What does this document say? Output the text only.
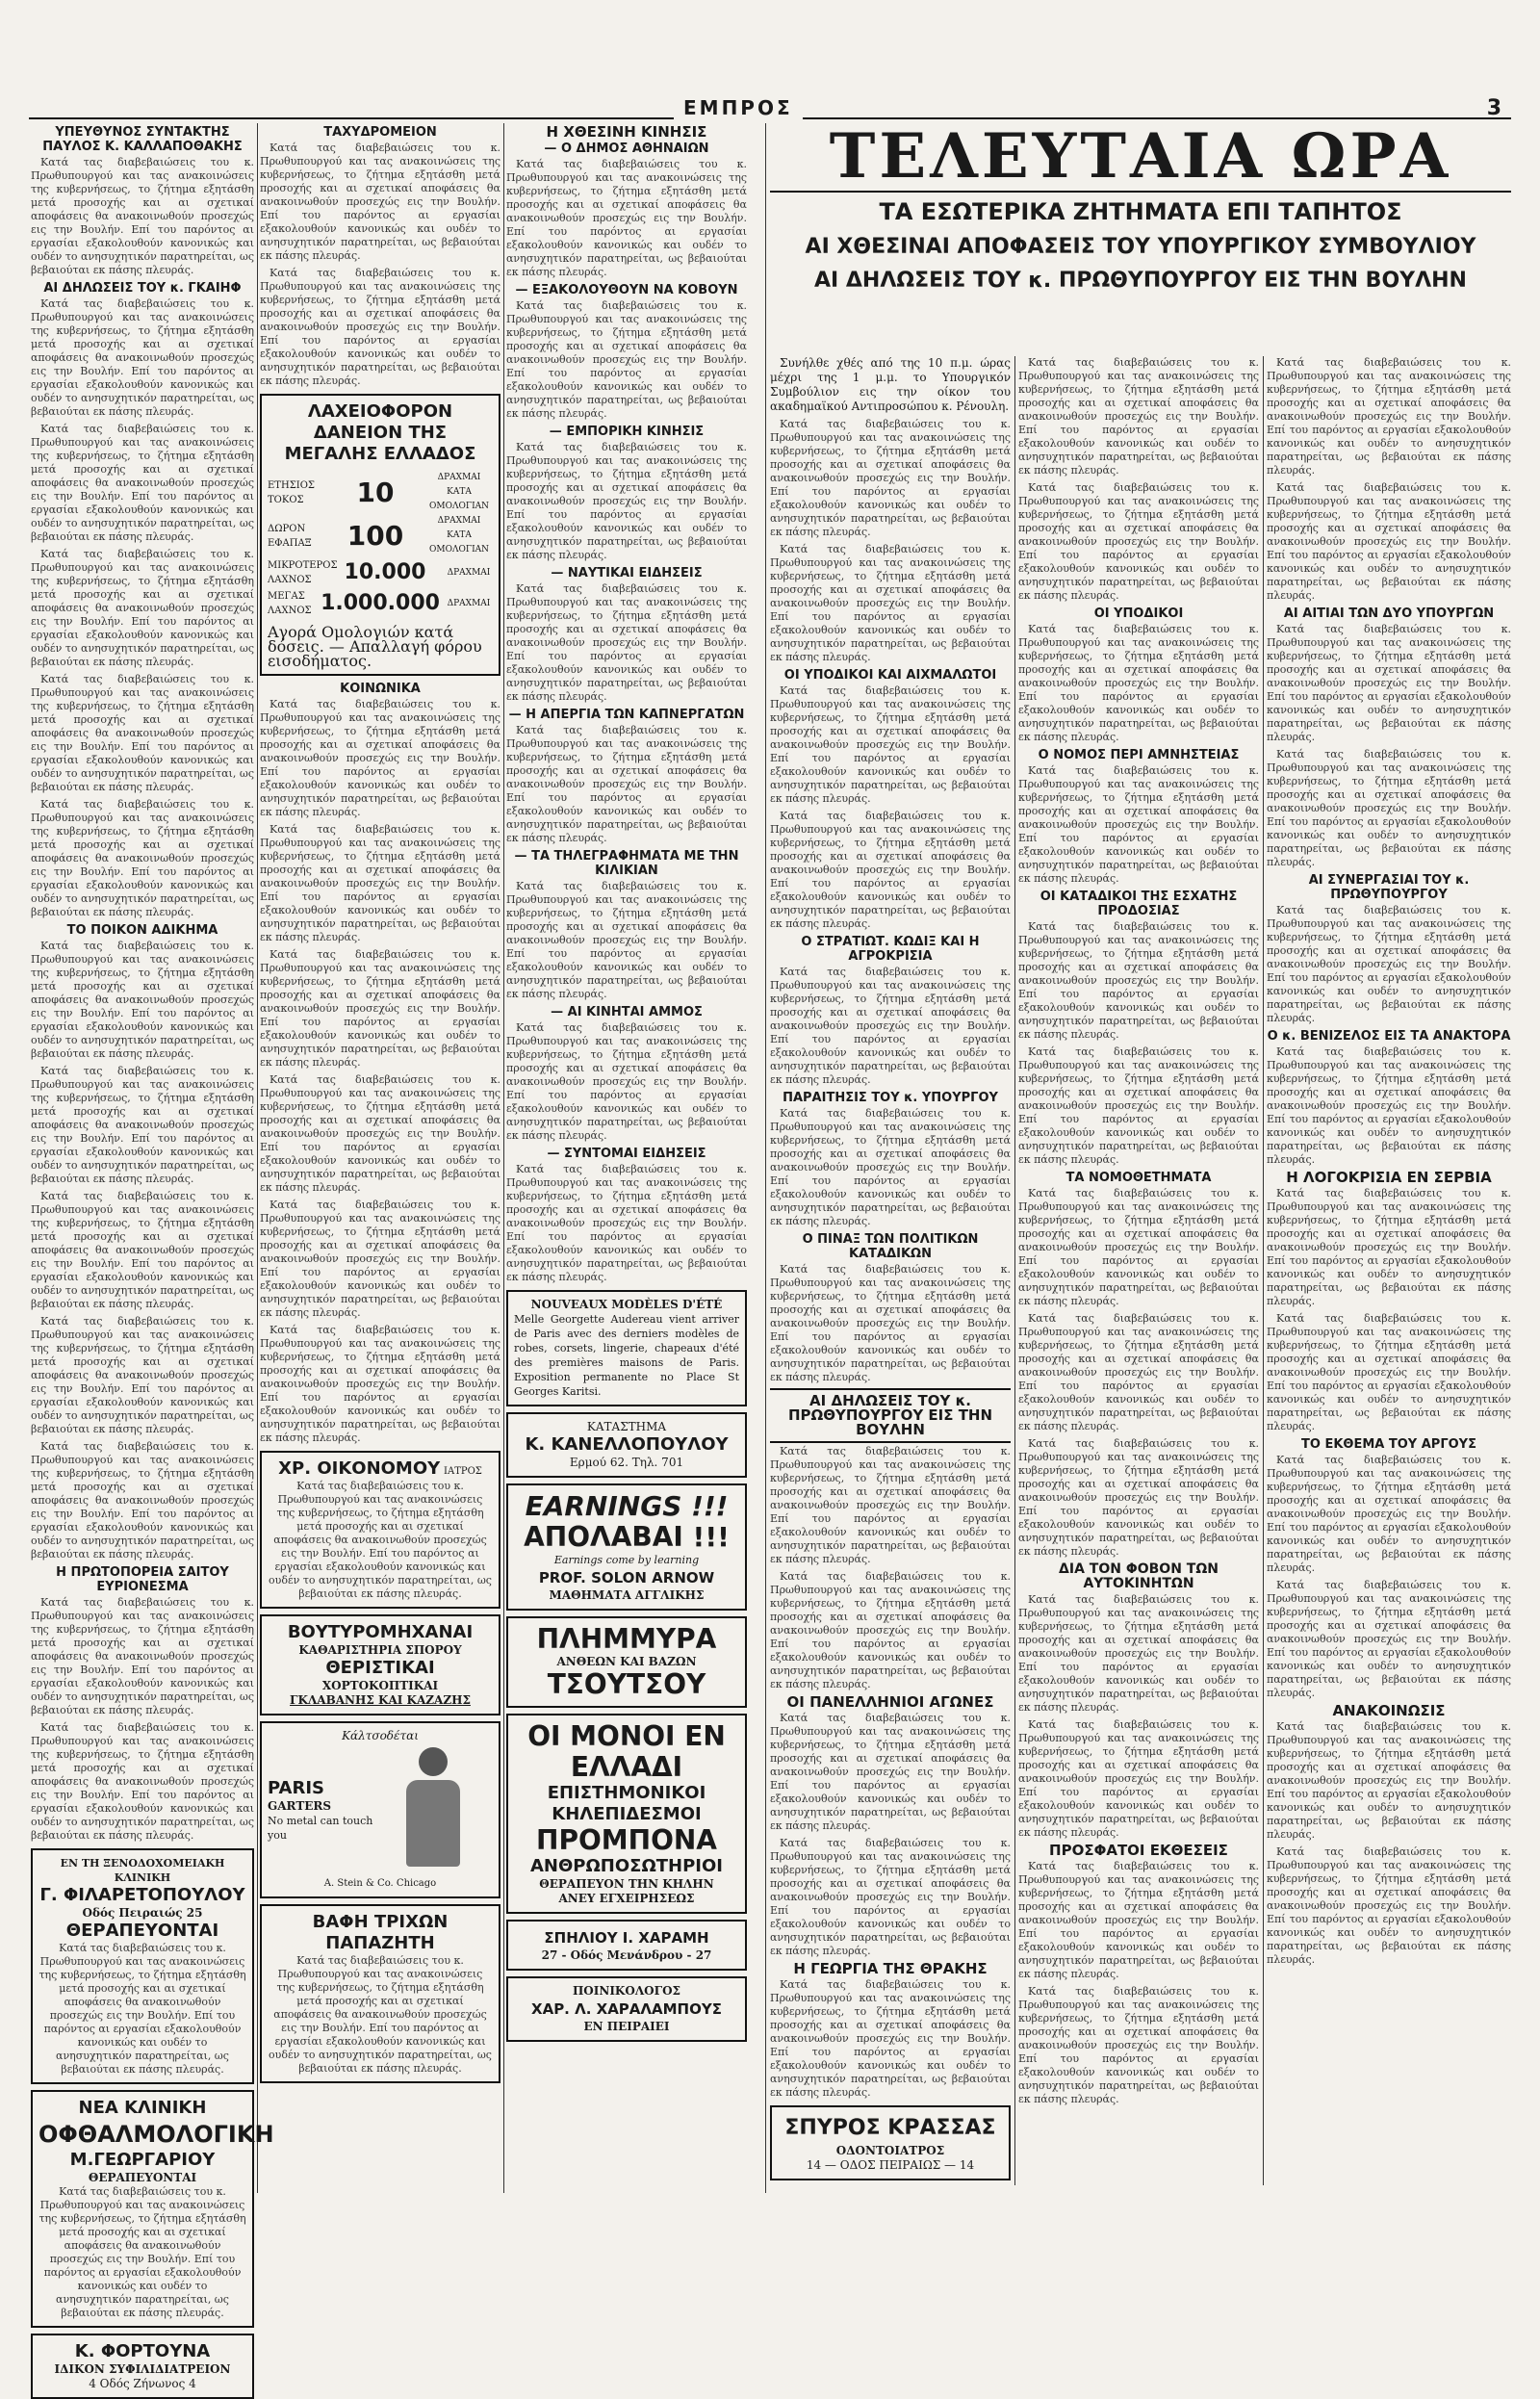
ΕΜΠΡΟΣ	3
ΥΠΕΥΘΥΝΟΣ ΣΥΝΤΑΚΤΗΣ ΠΑΥΛΟΣ Κ. ΚΑΛΛΑΠΟΘΑΚΗΣ

Κατά τας διαβεβαιώσεις του κ. Πρωθυπουργού και τας ανακοινώσεις της κυβερνήσεως, το ζήτημα εξητάσθη μετά προσοχής και αι σχετικαί αποφάσεις θα ανακοινωθούν προσεχώς εις την Βουλήν. Επί του παρόντος αι εργασίαι εξακολουθούν κανονικώς και ουδέν το ανησυχητικόν παρατηρείται, ως βεβαιούται εκ πάσης πλευράς.

ΑΙ ΔΗΛΩΣΕΙΣ ΤΟΥ κ. ΓΚΑΙΗΦ

Κατά τας διαβεβαιώσεις του κ. Πρωθυπουργού και τας ανακοινώσεις της κυβερνήσεως, το ζήτημα εξητάσθη μετά προσοχής και αι σχετικαί αποφάσεις θα ανακοινωθούν προσεχώς εις την Βουλήν. Επί του παρόντος αι εργασίαι εξακολουθούν κανονικώς και ουδέν το ανησυχητικόν παρατηρείται, ως βεβαιούται εκ πάσης πλευράς.

Κατά τας διαβεβαιώσεις του κ. Πρωθυπουργού και τας ανακοινώσεις της κυβερνήσεως, το ζήτημα εξητάσθη μετά προσοχής και αι σχετικαί αποφάσεις θα ανακοινωθούν προσεχώς εις την Βουλήν. Επί του παρόντος αι εργασίαι εξακολουθούν κανονικώς και ουδέν το ανησυχητικόν παρατηρείται, ως βεβαιούται εκ πάσης πλευράς.

Κατά τας διαβεβαιώσεις του κ. Πρωθυπουργού και τας ανακοινώσεις της κυβερνήσεως, το ζήτημα εξητάσθη μετά προσοχής και αι σχετικαί αποφάσεις θα ανακοινωθούν προσεχώς εις την Βουλήν. Επί του παρόντος αι εργασίαι εξακολουθούν κανονικώς και ουδέν το ανησυχητικόν παρατηρείται, ως βεβαιούται εκ πάσης πλευράς.

Κατά τας διαβεβαιώσεις του κ. Πρωθυπουργού και τας ανακοινώσεις της κυβερνήσεως, το ζήτημα εξητάσθη μετά προσοχής και αι σχετικαί αποφάσεις θα ανακοινωθούν προσεχώς εις την Βουλήν. Επί του παρόντος αι εργασίαι εξακολουθούν κανονικώς και ουδέν το ανησυχητικόν παρατηρείται, ως βεβαιούται εκ πάσης πλευράς.

Κατά τας διαβεβαιώσεις του κ. Πρωθυπουργού και τας ανακοινώσεις της κυβερνήσεως, το ζήτημα εξητάσθη μετά προσοχής και αι σχετικαί αποφάσεις θα ανακοινωθούν προσεχώς εις την Βουλήν. Επί του παρόντος αι εργασίαι εξακολουθούν κανονικώς και ουδέν το ανησυχητικόν παρατηρείται, ως βεβαιούται εκ πάσης πλευράς.

ΤΟ ΠΟΙΚΟΝ ΑΔΙΚΗΜΑ

Κατά τας διαβεβαιώσεις του κ. Πρωθυπουργού και τας ανακοινώσεις της κυβερνήσεως, το ζήτημα εξητάσθη μετά προσοχής και αι σχετικαί αποφάσεις θα ανακοινωθούν προσεχώς εις την Βουλήν. Επί του παρόντος αι εργασίαι εξακολουθούν κανονικώς και ουδέν το ανησυχητικόν παρατηρείται, ως βεβαιούται εκ πάσης πλευράς.

Κατά τας διαβεβαιώσεις του κ. Πρωθυπουργού και τας ανακοινώσεις της κυβερνήσεως, το ζήτημα εξητάσθη μετά προσοχής και αι σχετικαί αποφάσεις θα ανακοινωθούν προσεχώς εις την Βουλήν. Επί του παρόντος αι εργασίαι εξακολουθούν κανονικώς και ουδέν το ανησυχητικόν παρατηρείται, ως βεβαιούται εκ πάσης πλευράς.

Κατά τας διαβεβαιώσεις του κ. Πρωθυπουργού και τας ανακοινώσεις της κυβερνήσεως, το ζήτημα εξητάσθη μετά προσοχής και αι σχετικαί αποφάσεις θα ανακοινωθούν προσεχώς εις την Βουλήν. Επί του παρόντος αι εργασίαι εξακολουθούν κανονικώς και ουδέν το ανησυχητικόν παρατηρείται, ως βεβαιούται εκ πάσης πλευράς.

Κατά τας διαβεβαιώσεις του κ. Πρωθυπουργού και τας ανακοινώσεις της κυβερνήσεως, το ζήτημα εξητάσθη μετά προσοχής και αι σχετικαί αποφάσεις θα ανακοινωθούν προσεχώς εις την Βουλήν. Επί του παρόντος αι εργασίαι εξακολουθούν κανονικώς και ουδέν το ανησυχητικόν παρατηρείται, ως βεβαιούται εκ πάσης πλευράς.

Κατά τας διαβεβαιώσεις του κ. Πρωθυπουργού και τας ανακοινώσεις της κυβερνήσεως, το ζήτημα εξητάσθη μετά προσοχής και αι σχετικαί αποφάσεις θα ανακοινωθούν προσεχώς εις την Βουλήν. Επί του παρόντος αι εργασίαι εξακολουθούν κανονικώς και ουδέν το ανησυχητικόν παρατηρείται, ως βεβαιούται εκ πάσης πλευράς.

Η ΠΡΩΤΟΠΟΡΕΙΑ ΣΑΙΤΟΥ ΕΥΡΙΟΝΕΣΜΑ

Κατά τας διαβεβαιώσεις του κ. Πρωθυπουργού και τας ανακοινώσεις της κυβερνήσεως, το ζήτημα εξητάσθη μετά προσοχής και αι σχετικαί αποφάσεις θα ανακοινωθούν προσεχώς εις την Βουλήν. Επί του παρόντος αι εργασίαι εξακολουθούν κανονικώς και ουδέν το ανησυχητικόν παρατηρείται, ως βεβαιούται εκ πάσης πλευράς.

Κατά τας διαβεβαιώσεις του κ. Πρωθυπουργού και τας ανακοινώσεις της κυβερνήσεως, το ζήτημα εξητάσθη μετά προσοχής και αι σχετικαί αποφάσεις θα ανακοινωθούν προσεχώς εις την Βουλήν. Επί του παρόντος αι εργασίαι εξακολουθούν κανονικώς και ουδέν το ανησυχητικόν παρατηρείται, ως βεβαιούται εκ πάσης πλευράς.

ΕΝ ΤΗ ΞΕΝΟΔΟΧΟΜΕΙΑΚΗ ΚΛΙΝΙΚΗ
Γ. ΦΙΛΑΡΕΤΟΠΟΥΛΟΥ
Οδός Πειραιώς 25
ΘΕΡΑΠΕΥΟΝΤΑΙ
Κατά τας διαβεβαιώσεις του κ. Πρωθυπουργού και τας ανακοινώσεις της κυβερνήσεως, το ζήτημα εξητάσθη μετά προσοχής και αι σχετικαί αποφάσεις θα ανακοινωθούν προσεχώς εις την Βουλήν. Επί του παρόντος αι εργασίαι εξακολουθούν κανονικώς και ουδέν το ανησυχητικόν παρατηρείται, ως βεβαιούται εκ πάσης πλευράς.
ΝΕΑ ΚΛΙΝΙΚΗ
ΟΦΘΑΛΜΟΛΟΓΙΚΗ
Μ.ΓΕΩΡΓΑΡΙΟΥ
ΘΕΡΑΠΕΥΟΝΤΑΙ
Κατά τας διαβεβαιώσεις του κ. Πρωθυπουργού και τας ανακοινώσεις της κυβερνήσεως, το ζήτημα εξητάσθη μετά προσοχής και αι σχετικαί αποφάσεις θα ανακοινωθούν προσεχώς εις την Βουλήν. Επί του παρόντος αι εργασίαι εξακολουθούν κανονικώς και ουδέν το ανησυχητικόν παρατηρείται, ως βεβαιούται εκ πάσης πλευράς.
Κ. ΦΟΡΤΟΥΝΑ
ΙΔΙΚΟΝ ΣΥΦΙΛΙΔΙΑΤΡΕΙΟΝ
4 Οδός Ζήνωνος 4
ΤΑΧΥΔΡΟΜΕΙΟΝ

Κατά τας διαβεβαιώσεις του κ. Πρωθυπουργού και τας ανακοινώσεις της κυβερνήσεως, το ζήτημα εξητάσθη μετά προσοχής και αι σχετικαί αποφάσεις θα ανακοινωθούν προσεχώς εις την Βουλήν. Επί του παρόντος αι εργασίαι εξακολουθούν κανονικώς και ουδέν το ανησυχητικόν παρατηρείται, ως βεβαιούται εκ πάσης πλευράς.

Κατά τας διαβεβαιώσεις του κ. Πρωθυπουργού και τας ανακοινώσεις της κυβερνήσεως, το ζήτημα εξητάσθη μετά προσοχής και αι σχετικαί αποφάσεις θα ανακοινωθούν προσεχώς εις την Βουλήν. Επί του παρόντος αι εργασίαι εξακολουθούν κανονικώς και ουδέν το ανησυχητικόν παρατηρείται, ως βεβαιούται εκ πάσης πλευράς.

ΛΑΧΕΙΟΦΟΡΟΝ ΔΑΝΕΙΟΝ ΤΗΣ ΜΕΓΑΛΗΣ ΕΛΛΑΔΟΣ
ΕΤΗΣΙΟΣ ΤΟΚΟΣ	10	ΔΡΑΧΜΑΙ ΚΑΤΑ ΟΜΟΛΟΓΙΑΝ
ΔΩΡΟΝ ΕΦΑΠΑΞ	100	ΔΡΑΧΜΑΙ ΚΑΤΑ ΟΜΟΛΟΓΙΑΝ
ΜΙΚΡΟΤΕΡΟΣ ΛΑΧΝΟΣ	10.000 ΔΡΑΧΜΑΙ
ΜΕΓΑΣ ΛΑΧΝΟΣ 1.000.000 ΔΡΑΧΜΑΙ
Αγορά Ομολογιών κατά δόσεις. — Απαλλαγή φόρου εισοδήματος.
ΚΟΙΝΩΝΙΚΑ

Κατά τας διαβεβαιώσεις του κ. Πρωθυπουργού και τας ανακοινώσεις της κυβερνήσεως, το ζήτημα εξητάσθη μετά προσοχής και αι σχετικαί αποφάσεις θα ανακοινωθούν προσεχώς εις την Βουλήν. Επί του παρόντος αι εργασίαι εξακολουθούν κανονικώς και ουδέν το ανησυχητικόν παρατηρείται, ως βεβαιούται εκ πάσης πλευράς.

Κατά τας διαβεβαιώσεις του κ. Πρωθυπουργού και τας ανακοινώσεις της κυβερνήσεως, το ζήτημα εξητάσθη μετά προσοχής και αι σχετικαί αποφάσεις θα ανακοινωθούν προσεχώς εις την Βουλήν. Επί του παρόντος αι εργασίαι εξακολουθούν κανονικώς και ουδέν το ανησυχητικόν παρατηρείται, ως βεβαιούται εκ πάσης πλευράς.

Κατά τας διαβεβαιώσεις του κ. Πρωθυπουργού και τας ανακοινώσεις της κυβερνήσεως, το ζήτημα εξητάσθη μετά προσοχής και αι σχετικαί αποφάσεις θα ανακοινωθούν προσεχώς εις την Βουλήν. Επί του παρόντος αι εργασίαι εξακολουθούν κανονικώς και ουδέν το ανησυχητικόν παρατηρείται, ως βεβαιούται εκ πάσης πλευράς.

Κατά τας διαβεβαιώσεις του κ. Πρωθυπουργού και τας ανακοινώσεις της κυβερνήσεως, το ζήτημα εξητάσθη μετά προσοχής και αι σχετικαί αποφάσεις θα ανακοινωθούν προσεχώς εις την Βουλήν. Επί του παρόντος αι εργασίαι εξακολουθούν κανονικώς και ουδέν το ανησυχητικόν παρατηρείται, ως βεβαιούται εκ πάσης πλευράς.

Κατά τας διαβεβαιώσεις του κ. Πρωθυπουργού και τας ανακοινώσεις της κυβερνήσεως, το ζήτημα εξητάσθη μετά προσοχής και αι σχετικαί αποφάσεις θα ανακοινωθούν προσεχώς εις την Βουλήν. Επί του παρόντος αι εργασίαι εξακολουθούν κανονικώς και ουδέν το ανησυχητικόν παρατηρείται, ως βεβαιούται εκ πάσης πλευράς.

Κατά τας διαβεβαιώσεις του κ. Πρωθυπουργού και τας ανακοινώσεις της κυβερνήσεως, το ζήτημα εξητάσθη μετά προσοχής και αι σχετικαί αποφάσεις θα ανακοινωθούν προσεχώς εις την Βουλήν. Επί του παρόντος αι εργασίαι εξακολουθούν κανονικώς και ουδέν το ανησυχητικόν παρατηρείται, ως βεβαιούται εκ πάσης πλευράς.

ΧΡ. ΟΙΚΟΝΟΜΟΥ ΙΑΤΡΟΣ
Κατά τας διαβεβαιώσεις του κ. Πρωθυπουργού και τας ανακοινώσεις της κυβερνήσεως, το ζήτημα εξητάσθη μετά προσοχής και αι σχετικαί αποφάσεις θα ανακοινωθούν προσεχώς εις την Βουλήν. Επί του παρόντος αι εργασίαι εξακολουθούν κανονικώς και ουδέν το ανησυχητικόν παρατηρείται, ως βεβαιούται εκ πάσης πλευράς.
ΒΟΥΤΥΡΟΜΗΧΑΝΑΙ
ΚΑΘΑΡΙΣΤΗΡΙΑ ΣΠΟΡΟΥ
ΘΕΡΙΣΤΙΚΑΙ
ΧΟΡΤΟΚΟΠΤΙΚΑΙ
ΓΚΛΑΒΑΝΗΣ ΚΑΙ ΚΑΖΑΖΗΣ
Κάλτσοδέται
PARIS
GARTERS
No metal can touch you
A. Stein & Co. Chicago
ΒΑΦΗ ΤΡΙΧΩΝ
ΠΑΠΑΖΗΤΗ
Κατά τας διαβεβαιώσεις του κ. Πρωθυπουργού και τας ανακοινώσεις της κυβερνήσεως, το ζήτημα εξητάσθη μετά προσοχής και αι σχετικαί αποφάσεις θα ανακοινωθούν προσεχώς εις την Βουλήν. Επί του παρόντος αι εργασίαι εξακολουθούν κανονικώς και ουδέν το ανησυχητικόν παρατηρείται, ως βεβαιούται εκ πάσης πλευράς.
Η ΧΘΕΣΙΝΗ ΚΙΝΗΣΙΣ
— Ο ΔΗΜΟΣ ΑΘΗΝΑΙΩΝ

Κατά τας διαβεβαιώσεις του κ. Πρωθυπουργού και τας ανακοινώσεις της κυβερνήσεως, το ζήτημα εξητάσθη μετά προσοχής και αι σχετικαί αποφάσεις θα ανακοινωθούν προσεχώς εις την Βουλήν. Επί του παρόντος αι εργασίαι εξακολουθούν κανονικώς και ουδέν το ανησυχητικόν παρατηρείται, ως βεβαιούται εκ πάσης πλευράς.

— ΕΞΑΚΟΛΟΥΘΟΥΝ ΝΑ ΚΟΒΟΥΝ

Κατά τας διαβεβαιώσεις του κ. Πρωθυπουργού και τας ανακοινώσεις της κυβερνήσεως, το ζήτημα εξητάσθη μετά προσοχής και αι σχετικαί αποφάσεις θα ανακοινωθούν προσεχώς εις την Βουλήν. Επί του παρόντος αι εργασίαι εξακολουθούν κανονικώς και ουδέν το ανησυχητικόν παρατηρείται, ως βεβαιούται εκ πάσης πλευράς.

— ΕΜΠΟΡΙΚΗ ΚΙΝΗΣΙΣ

Κατά τας διαβεβαιώσεις του κ. Πρωθυπουργού και τας ανακοινώσεις της κυβερνήσεως, το ζήτημα εξητάσθη μετά προσοχής και αι σχετικαί αποφάσεις θα ανακοινωθούν προσεχώς εις την Βουλήν. Επί του παρόντος αι εργασίαι εξακολουθούν κανονικώς και ουδέν το ανησυχητικόν παρατηρείται, ως βεβαιούται εκ πάσης πλευράς.

— ΝΑΥΤΙΚΑΙ ΕΙΔΗΣΕΙΣ

Κατά τας διαβεβαιώσεις του κ. Πρωθυπουργού και τας ανακοινώσεις της κυβερνήσεως, το ζήτημα εξητάσθη μετά προσοχής και αι σχετικαί αποφάσεις θα ανακοινωθούν προσεχώς εις την Βουλήν. Επί του παρόντος αι εργασίαι εξακολουθούν κανονικώς και ουδέν το ανησυχητικόν παρατηρείται, ως βεβαιούται εκ πάσης πλευράς.

— Η ΑΠΕΡΓΙΑ ΤΩΝ ΚΑΠΝΕΡΓΑΤΩΝ

Κατά τας διαβεβαιώσεις του κ. Πρωθυπουργού και τας ανακοινώσεις της κυβερνήσεως, το ζήτημα εξητάσθη μετά προσοχής και αι σχετικαί αποφάσεις θα ανακοινωθούν προσεχώς εις την Βουλήν. Επί του παρόντος αι εργασίαι εξακολουθούν κανονικώς και ουδέν το ανησυχητικόν παρατηρείται, ως βεβαιούται εκ πάσης πλευράς.

— ΤΑ ΤΗΛΕΓΡΑΦΗΜΑΤΑ ΜΕ ΤΗΝ ΚΙΛΙΚΙΑΝ

Κατά τας διαβεβαιώσεις του κ. Πρωθυπουργού και τας ανακοινώσεις της κυβερνήσεως, το ζήτημα εξητάσθη μετά προσοχής και αι σχετικαί αποφάσεις θα ανακοινωθούν προσεχώς εις την Βουλήν. Επί του παρόντος αι εργασίαι εξακολουθούν κανονικώς και ουδέν το ανησυχητικόν παρατηρείται, ως βεβαιούται εκ πάσης πλευράς.

— ΑΙ ΚΙΝΗΤΑΙ ΑΜΜΟΣ

Κατά τας διαβεβαιώσεις του κ. Πρωθυπουργού και τας ανακοινώσεις της κυβερνήσεως, το ζήτημα εξητάσθη μετά προσοχής και αι σχετικαί αποφάσεις θα ανακοινωθούν προσεχώς εις την Βουλήν. Επί του παρόντος αι εργασίαι εξακολουθούν κανονικώς και ουδέν το ανησυχητικόν παρατηρείται, ως βεβαιούται εκ πάσης πλευράς.

— ΣΥΝΤΟΜΑΙ ΕΙΔΗΣΕΙΣ

Κατά τας διαβεβαιώσεις του κ. Πρωθυπουργού και τας ανακοινώσεις της κυβερνήσεως, το ζήτημα εξητάσθη μετά προσοχής και αι σχετικαί αποφάσεις θα ανακοινωθούν προσεχώς εις την Βουλήν. Επί του παρόντος αι εργασίαι εξακολουθούν κανονικώς και ουδέν το ανησυχητικόν παρατηρείται, ως βεβαιούται εκ πάσης πλευράς.

NOUVEAUX MODÈLES D'ÉTÉ
Melle Georgette Audereau vient arriver de Paris avec des derniers modèles de robes, corsets, lingerie, chapeaux d'été des premières maisons de Paris. Exposition permanente no Place St Georges Karitsi.
ΚΑΤΑΣΤΗΜΑ
Κ. ΚΑΝΕΛΛΟΠΟΥΛΟΥ
Ερμού 62. Τηλ. 701
EARNINGS !!!
ΑΠΟΛΑΒΑΙ !!!
Earnings come by learning
PROF. SOLON ARNOW
ΜΑΘΗΜΑΤΑ ΑΓΓΛΙΚΗΣ
ΠΛΗΜΜΥΡΑ
ΑΝΘΕΩΝ ΚΑΙ ΒΑΖΩΝ
ΤΣΟΥΤΣΟΥ
ΟΙ ΜΟΝΟΙ ΕΝ ΕΛΛΑΔΙ
ΕΠΙΣΤΗΜΟΝΙΚΟΙ
ΚΗΛΕΠΙΔΕΣΜΟΙ
ΠΡΟΜΠΟΝΑ
ΑΝΘΡΩΠΟΣΩΤΗΡΙΟΙ
ΘΕΡΑΠΕΥΟΝ ΤΗΝ ΚΗΛΗΝ
ΑΝΕΥ ΕΓΧΕΙΡΗΣΕΩΣ
ΣΠΗΛΙΟΥ Ι. ΧΑΡΑΜΗ
27 - Οδός Μενάνδρου - 27
ΠΟΙΝΙΚΟΛΟΓΟΣ
ΧΑΡ. Λ. ΧΑΡΑΛΑΜΠΟΥΣ
ΕΝ ΠΕΙΡΑΙΕΙ
ΤΕΛΕΥΤΑΙΑ ΩΡΑ
ΤΑ ΕΣΩΤΕΡΙΚΑ ΖΗΤΗΜΑΤΑ ΕΠΙ ΤΑΠΗΤΟΣ
ΑΙ ΧΘΕΣΙΝΑΙ ΑΠΟΦΑΣΕΙΣ ΤΟΥ ΥΠΟΥΡΓΙΚΟΥ ΣΥΜΒΟΥΛΙΟΥ
ΑΙ ΔΗΛΩΣΕΙΣ ΤΟΥ κ. ΠΡΩΘΥΠΟΥΡΓΟΥ ΕΙΣ ΤΗΝ ΒΟΥΛΗΝ

Συνήλθε χθές από της 10 π.μ. ώρας μέχρι της 1 μ.μ. το Υπουργικόν Συμβούλιον εις την οίκον του ακαδημαϊκού Αντιπροσώπου κ. Ρένουλη.

Κατά τας διαβεβαιώσεις του κ. Πρωθυπουργού και τας ανακοινώσεις της κυβερνήσεως, το ζήτημα εξητάσθη μετά προσοχής και αι σχετικαί αποφάσεις θα ανακοινωθούν προσεχώς εις την Βουλήν. Επί του παρόντος αι εργασίαι εξακολουθούν κανονικώς και ουδέν το ανησυχητικόν παρατηρείται, ως βεβαιούται εκ πάσης πλευράς.

Κατά τας διαβεβαιώσεις του κ. Πρωθυπουργού και τας ανακοινώσεις της κυβερνήσεως, το ζήτημα εξητάσθη μετά προσοχής και αι σχετικαί αποφάσεις θα ανακοινωθούν προσεχώς εις την Βουλήν. Επί του παρόντος αι εργασίαι εξακολουθούν κανονικώς και ουδέν το ανησυχητικόν παρατηρείται, ως βεβαιούται εκ πάσης πλευράς.

ΟΙ ΥΠΟΔΙΚΟΙ ΚΑΙ ΑΙΧΜΑΛΩΤΟΙ

Κατά τας διαβεβαιώσεις του κ. Πρωθυπουργού και τας ανακοινώσεις της κυβερνήσεως, το ζήτημα εξητάσθη μετά προσοχής και αι σχετικαί αποφάσεις θα ανακοινωθούν προσεχώς εις την Βουλήν. Επί του παρόντος αι εργασίαι εξακολουθούν κανονικώς και ουδέν το ανησυχητικόν παρατηρείται, ως βεβαιούται εκ πάσης πλευράς.

Κατά τας διαβεβαιώσεις του κ. Πρωθυπουργού και τας ανακοινώσεις της κυβερνήσεως, το ζήτημα εξητάσθη μετά προσοχής και αι σχετικαί αποφάσεις θα ανακοινωθούν προσεχώς εις την Βουλήν. Επί του παρόντος αι εργασίαι εξακολουθούν κανονικώς και ουδέν το ανησυχητικόν παρατηρείται, ως βεβαιούται εκ πάσης πλευράς.

Ο ΣΤΡΑΤΙΩΤ. ΚΩΔΙΞ ΚΑΙ Η ΑΓΡΟΚΡΙΣΙΑ

Κατά τας διαβεβαιώσεις του κ. Πρωθυπουργού και τας ανακοινώσεις της κυβερνήσεως, το ζήτημα εξητάσθη μετά προσοχής και αι σχετικαί αποφάσεις θα ανακοινωθούν προσεχώς εις την Βουλήν. Επί του παρόντος αι εργασίαι εξακολουθούν κανονικώς και ουδέν το ανησυχητικόν παρατηρείται, ως βεβαιούται εκ πάσης πλευράς.

ΠΑΡΑΙΤΗΣΙΣ ΤΟΥ κ. ΥΠΟΥΡΓΟΥ

Κατά τας διαβεβαιώσεις του κ. Πρωθυπουργού και τας ανακοινώσεις της κυβερνήσεως, το ζήτημα εξητάσθη μετά προσοχής και αι σχετικαί αποφάσεις θα ανακοινωθούν προσεχώς εις την Βουλήν. Επί του παρόντος αι εργασίαι εξακολουθούν κανονικώς και ουδέν το ανησυχητικόν παρατηρείται, ως βεβαιούται εκ πάσης πλευράς.

Ο ΠΙΝΑΞ ΤΩΝ ΠΟΛΙΤΙΚΩΝ ΚΑΤΑΔΙΚΩΝ

Κατά τας διαβεβαιώσεις του κ. Πρωθυπουργού και τας ανακοινώσεις της κυβερνήσεως, το ζήτημα εξητάσθη μετά προσοχής και αι σχετικαί αποφάσεις θα ανακοινωθούν προσεχώς εις την Βουλήν. Επί του παρόντος αι εργασίαι εξακολουθούν κανονικώς και ουδέν το ανησυχητικόν παρατηρείται, ως βεβαιούται εκ πάσης πλευράς.

ΑΙ ΔΗΛΩΣΕΙΣ ΤΟΥ κ. ΠΡΩΘΥΠΟΥΡΓΟΥ ΕΙΣ ΤΗΝ ΒΟΥΛΗΝ

Κατά τας διαβεβαιώσεις του κ. Πρωθυπουργού και τας ανακοινώσεις της κυβερνήσεως, το ζήτημα εξητάσθη μετά προσοχής και αι σχετικαί αποφάσεις θα ανακοινωθούν προσεχώς εις την Βουλήν. Επί του παρόντος αι εργασίαι εξακολουθούν κανονικώς και ουδέν το ανησυχητικόν παρατηρείται, ως βεβαιούται εκ πάσης πλευράς.

Κατά τας διαβεβαιώσεις του κ. Πρωθυπουργού και τας ανακοινώσεις της κυβερνήσεως, το ζήτημα εξητάσθη μετά προσοχής και αι σχετικαί αποφάσεις θα ανακοινωθούν προσεχώς εις την Βουλήν. Επί του παρόντος αι εργασίαι εξακολουθούν κανονικώς και ουδέν το ανησυχητικόν παρατηρείται, ως βεβαιούται εκ πάσης πλευράς.

ΟΙ ΠΑΝΕΛΛΗΝΙΟΙ ΑΓΩΝΕΣ

Κατά τας διαβεβαιώσεις του κ. Πρωθυπουργού και τας ανακοινώσεις της κυβερνήσεως, το ζήτημα εξητάσθη μετά προσοχής και αι σχετικαί αποφάσεις θα ανακοινωθούν προσεχώς εις την Βουλήν. Επί του παρόντος αι εργασίαι εξακολουθούν κανονικώς και ουδέν το ανησυχητικόν παρατηρείται, ως βεβαιούται εκ πάσης πλευράς.

Κατά τας διαβεβαιώσεις του κ. Πρωθυπουργού και τας ανακοινώσεις της κυβερνήσεως, το ζήτημα εξητάσθη μετά προσοχής και αι σχετικαί αποφάσεις θα ανακοινωθούν προσεχώς εις την Βουλήν. Επί του παρόντος αι εργασίαι εξακολουθούν κανονικώς και ουδέν το ανησυχητικόν παρατηρείται, ως βεβαιούται εκ πάσης πλευράς.

Η ΓΕΩΡΓΙΑ ΤΗΣ ΘΡΑΚΗΣ

Κατά τας διαβεβαιώσεις του κ. Πρωθυπουργού και τας ανακοινώσεις της κυβερνήσεως, το ζήτημα εξητάσθη μετά προσοχής και αι σχετικαί αποφάσεις θα ανακοινωθούν προσεχώς εις την Βουλήν. Επί του παρόντος αι εργασίαι εξακολουθούν κανονικώς και ουδέν το ανησυχητικόν παρατηρείται, ως βεβαιούται εκ πάσης πλευράς.

ΣΠΥΡΟΣ ΚΡΑΣΣΑΣ
ΟΔΟΝΤΟΙΑΤΡΟΣ
14 — ΟΔΟΣ ΠΕΙΡΑΙΩΣ — 14

Κατά τας διαβεβαιώσεις του κ. Πρωθυπουργού και τας ανακοινώσεις της κυβερνήσεως, το ζήτημα εξητάσθη μετά προσοχής και αι σχετικαί αποφάσεις θα ανακοινωθούν προσεχώς εις την Βουλήν. Επί του παρόντος αι εργασίαι εξακολουθούν κανονικώς και ουδέν το ανησυχητικόν παρατηρείται, ως βεβαιούται εκ πάσης πλευράς.

Κατά τας διαβεβαιώσεις του κ. Πρωθυπουργού και τας ανακοινώσεις της κυβερνήσεως, το ζήτημα εξητάσθη μετά προσοχής και αι σχετικαί αποφάσεις θα ανακοινωθούν προσεχώς εις την Βουλήν. Επί του παρόντος αι εργασίαι εξακολουθούν κανονικώς και ουδέν το ανησυχητικόν παρατηρείται, ως βεβαιούται εκ πάσης πλευράς.

ΟΙ ΥΠΟΔΙΚΟΙ

Κατά τας διαβεβαιώσεις του κ. Πρωθυπουργού και τας ανακοινώσεις της κυβερνήσεως, το ζήτημα εξητάσθη μετά προσοχής και αι σχετικαί αποφάσεις θα ανακοινωθούν προσεχώς εις την Βουλήν. Επί του παρόντος αι εργασίαι εξακολουθούν κανονικώς και ουδέν το ανησυχητικόν παρατηρείται, ως βεβαιούται εκ πάσης πλευράς.

Ο ΝΟΜΟΣ ΠΕΡΙ ΑΜΝΗΣΤΕΙΑΣ

Κατά τας διαβεβαιώσεις του κ. Πρωθυπουργού και τας ανακοινώσεις της κυβερνήσεως, το ζήτημα εξητάσθη μετά προσοχής και αι σχετικαί αποφάσεις θα ανακοινωθούν προσεχώς εις την Βουλήν. Επί του παρόντος αι εργασίαι εξακολουθούν κανονικώς και ουδέν το ανησυχητικόν παρατηρείται, ως βεβαιούται εκ πάσης πλευράς.

ΟΙ ΚΑΤΑΔΙΚΟΙ ΤΗΣ ΕΣΧΑΤΗΣ ΠΡΟΔΟΣΙΑΣ

Κατά τας διαβεβαιώσεις του κ. Πρωθυπουργού και τας ανακοινώσεις της κυβερνήσεως, το ζήτημα εξητάσθη μετά προσοχής και αι σχετικαί αποφάσεις θα ανακοινωθούν προσεχώς εις την Βουλήν. Επί του παρόντος αι εργασίαι εξακολουθούν κανονικώς και ουδέν το ανησυχητικόν παρατηρείται, ως βεβαιούται εκ πάσης πλευράς.

Κατά τας διαβεβαιώσεις του κ. Πρωθυπουργού και τας ανακοινώσεις της κυβερνήσεως, το ζήτημα εξητάσθη μετά προσοχής και αι σχετικαί αποφάσεις θα ανακοινωθούν προσεχώς εις την Βουλήν. Επί του παρόντος αι εργασίαι εξακολουθούν κανονικώς και ουδέν το ανησυχητικόν παρατηρείται, ως βεβαιούται εκ πάσης πλευράς.

ΤΑ ΝΟΜΟΘΕΤΗΜΑΤΑ

Κατά τας διαβεβαιώσεις του κ. Πρωθυπουργού και τας ανακοινώσεις της κυβερνήσεως, το ζήτημα εξητάσθη μετά προσοχής και αι σχετικαί αποφάσεις θα ανακοινωθούν προσεχώς εις την Βουλήν. Επί του παρόντος αι εργασίαι εξακολουθούν κανονικώς και ουδέν το ανησυχητικόν παρατηρείται, ως βεβαιούται εκ πάσης πλευράς.

Κατά τας διαβεβαιώσεις του κ. Πρωθυπουργού και τας ανακοινώσεις της κυβερνήσεως, το ζήτημα εξητάσθη μετά προσοχής και αι σχετικαί αποφάσεις θα ανακοινωθούν προσεχώς εις την Βουλήν. Επί του παρόντος αι εργασίαι εξακολουθούν κανονικώς και ουδέν το ανησυχητικόν παρατηρείται, ως βεβαιούται εκ πάσης πλευράς.

Κατά τας διαβεβαιώσεις του κ. Πρωθυπουργού και τας ανακοινώσεις της κυβερνήσεως, το ζήτημα εξητάσθη μετά προσοχής και αι σχετικαί αποφάσεις θα ανακοινωθούν προσεχώς εις την Βουλήν. Επί του παρόντος αι εργασίαι εξακολουθούν κανονικώς και ουδέν το ανησυχητικόν παρατηρείται, ως βεβαιούται εκ πάσης πλευράς.

ΔΙΑ ΤΟΝ ΦΟΒΟΝ ΤΩΝ ΑΥΤΟΚΙΝΗΤΩΝ

Κατά τας διαβεβαιώσεις του κ. Πρωθυπουργού και τας ανακοινώσεις της κυβερνήσεως, το ζήτημα εξητάσθη μετά προσοχής και αι σχετικαί αποφάσεις θα ανακοινωθούν προσεχώς εις την Βουλήν. Επί του παρόντος αι εργασίαι εξακολουθούν κανονικώς και ουδέν το ανησυχητικόν παρατηρείται, ως βεβαιούται εκ πάσης πλευράς.

Κατά τας διαβεβαιώσεις του κ. Πρωθυπουργού και τας ανακοινώσεις της κυβερνήσεως, το ζήτημα εξητάσθη μετά προσοχής και αι σχετικαί αποφάσεις θα ανακοινωθούν προσεχώς εις την Βουλήν. Επί του παρόντος αι εργασίαι εξακολουθούν κανονικώς και ουδέν το ανησυχητικόν παρατηρείται, ως βεβαιούται εκ πάσης πλευράς.

ΠΡΟΣΦΑΤΟΙ ΕΚΘΕΣΕΙΣ

Κατά τας διαβεβαιώσεις του κ. Πρωθυπουργού και τας ανακοινώσεις της κυβερνήσεως, το ζήτημα εξητάσθη μετά προσοχής και αι σχετικαί αποφάσεις θα ανακοινωθούν προσεχώς εις την Βουλήν. Επί του παρόντος αι εργασίαι εξακολουθούν κανονικώς και ουδέν το ανησυχητικόν παρατηρείται, ως βεβαιούται εκ πάσης πλευράς.

Κατά τας διαβεβαιώσεις του κ. Πρωθυπουργού και τας ανακοινώσεις της κυβερνήσεως, το ζήτημα εξητάσθη μετά προσοχής και αι σχετικαί αποφάσεις θα ανακοινωθούν προσεχώς εις την Βουλήν. Επί του παρόντος αι εργασίαι εξακολουθούν κανονικώς και ουδέν το ανησυχητικόν παρατηρείται, ως βεβαιούται εκ πάσης πλευράς.

Κατά τας διαβεβαιώσεις του κ. Πρωθυπουργού και τας ανακοινώσεις της κυβερνήσεως, το ζήτημα εξητάσθη μετά προσοχής και αι σχετικαί αποφάσεις θα ανακοινωθούν προσεχώς εις την Βουλήν. Επί του παρόντος αι εργασίαι εξακολουθούν κανονικώς και ουδέν το ανησυχητικόν παρατηρείται, ως βεβαιούται εκ πάσης πλευράς.

Κατά τας διαβεβαιώσεις του κ. Πρωθυπουργού και τας ανακοινώσεις της κυβερνήσεως, το ζήτημα εξητάσθη μετά προσοχής και αι σχετικαί αποφάσεις θα ανακοινωθούν προσεχώς εις την Βουλήν. Επί του παρόντος αι εργασίαι εξακολουθούν κανονικώς και ουδέν το ανησυχητικόν παρατηρείται, ως βεβαιούται εκ πάσης πλευράς.

ΑΙ ΑΙΤΙΑΙ ΤΩΝ ΔΥΟ ΥΠΟΥΡΓΩΝ

Κατά τας διαβεβαιώσεις του κ. Πρωθυπουργού και τας ανακοινώσεις της κυβερνήσεως, το ζήτημα εξητάσθη μετά προσοχής και αι σχετικαί αποφάσεις θα ανακοινωθούν προσεχώς εις την Βουλήν. Επί του παρόντος αι εργασίαι εξακολουθούν κανονικώς και ουδέν το ανησυχητικόν παρατηρείται, ως βεβαιούται εκ πάσης πλευράς.

Κατά τας διαβεβαιώσεις του κ. Πρωθυπουργού και τας ανακοινώσεις της κυβερνήσεως, το ζήτημα εξητάσθη μετά προσοχής και αι σχετικαί αποφάσεις θα ανακοινωθούν προσεχώς εις την Βουλήν. Επί του παρόντος αι εργασίαι εξακολουθούν κανονικώς και ουδέν το ανησυχητικόν παρατηρείται, ως βεβαιούται εκ πάσης πλευράς.

ΑΙ ΣΥΝΕΡΓΑΣΙΑΙ ΤΟΥ κ. ΠΡΩΘΥΠΟΥΡΓΟΥ

Κατά τας διαβεβαιώσεις του κ. Πρωθυπουργού και τας ανακοινώσεις της κυβερνήσεως, το ζήτημα εξητάσθη μετά προσοχής και αι σχετικαί αποφάσεις θα ανακοινωθούν προσεχώς εις την Βουλήν. Επί του παρόντος αι εργασίαι εξακολουθούν κανονικώς και ουδέν το ανησυχητικόν παρατηρείται, ως βεβαιούται εκ πάσης πλευράς.

Ο κ. ΒΕΝΙΖΕΛΟΣ ΕΙΣ ΤΑ ΑΝΑΚΤΟΡΑ

Κατά τας διαβεβαιώσεις του κ. Πρωθυπουργού και τας ανακοινώσεις της κυβερνήσεως, το ζήτημα εξητάσθη μετά προσοχής και αι σχετικαί αποφάσεις θα ανακοινωθούν προσεχώς εις την Βουλήν. Επί του παρόντος αι εργασίαι εξακολουθούν κανονικώς και ουδέν το ανησυχητικόν παρατηρείται, ως βεβαιούται εκ πάσης πλευράς.

Η ΛΟΓΟΚΡΙΣΙΑ ΕΝ ΣΕΡΒΙΑ

Κατά τας διαβεβαιώσεις του κ. Πρωθυπουργού και τας ανακοινώσεις της κυβερνήσεως, το ζήτημα εξητάσθη μετά προσοχής και αι σχετικαί αποφάσεις θα ανακοινωθούν προσεχώς εις την Βουλήν. Επί του παρόντος αι εργασίαι εξακολουθούν κανονικώς και ουδέν το ανησυχητικόν παρατηρείται, ως βεβαιούται εκ πάσης πλευράς.

Κατά τας διαβεβαιώσεις του κ. Πρωθυπουργού και τας ανακοινώσεις της κυβερνήσεως, το ζήτημα εξητάσθη μετά προσοχής και αι σχετικαί αποφάσεις θα ανακοινωθούν προσεχώς εις την Βουλήν. Επί του παρόντος αι εργασίαι εξακολουθούν κανονικώς και ουδέν το ανησυχητικόν παρατηρείται, ως βεβαιούται εκ πάσης πλευράς.

ΤΟ ΕΚΘΕΜΑ ΤΟΥ ΑΡΓΟΥΣ

Κατά τας διαβεβαιώσεις του κ. Πρωθυπουργού και τας ανακοινώσεις της κυβερνήσεως, το ζήτημα εξητάσθη μετά προσοχής και αι σχετικαί αποφάσεις θα ανακοινωθούν προσεχώς εις την Βουλήν. Επί του παρόντος αι εργασίαι εξακολουθούν κανονικώς και ουδέν το ανησυχητικόν παρατηρείται, ως βεβαιούται εκ πάσης πλευράς.

Κατά τας διαβεβαιώσεις του κ. Πρωθυπουργού και τας ανακοινώσεις της κυβερνήσεως, το ζήτημα εξητάσθη μετά προσοχής και αι σχετικαί αποφάσεις θα ανακοινωθούν προσεχώς εις την Βουλήν. Επί του παρόντος αι εργασίαι εξακολουθούν κανονικώς και ουδέν το ανησυχητικόν παρατηρείται, ως βεβαιούται εκ πάσης πλευράς.

ΑΝΑΚΟΙΝΩΣΙΣ

Κατά τας διαβεβαιώσεις του κ. Πρωθυπουργού και τας ανακοινώσεις της κυβερνήσεως, το ζήτημα εξητάσθη μετά προσοχής και αι σχετικαί αποφάσεις θα ανακοινωθούν προσεχώς εις την Βουλήν. Επί του παρόντος αι εργασίαι εξακολουθούν κανονικώς και ουδέν το ανησυχητικόν παρατηρείται, ως βεβαιούται εκ πάσης πλευράς.

Κατά τας διαβεβαιώσεις του κ. Πρωθυπουργού και τας ανακοινώσεις της κυβερνήσεως, το ζήτημα εξητάσθη μετά προσοχής και αι σχετικαί αποφάσεις θα ανακοινωθούν προσεχώς εις την Βουλήν. Επί του παρόντος αι εργασίαι εξακολουθούν κανονικώς και ουδέν το ανησυχητικόν παρατηρείται, ως βεβαιούται εκ πάσης πλευράς.
